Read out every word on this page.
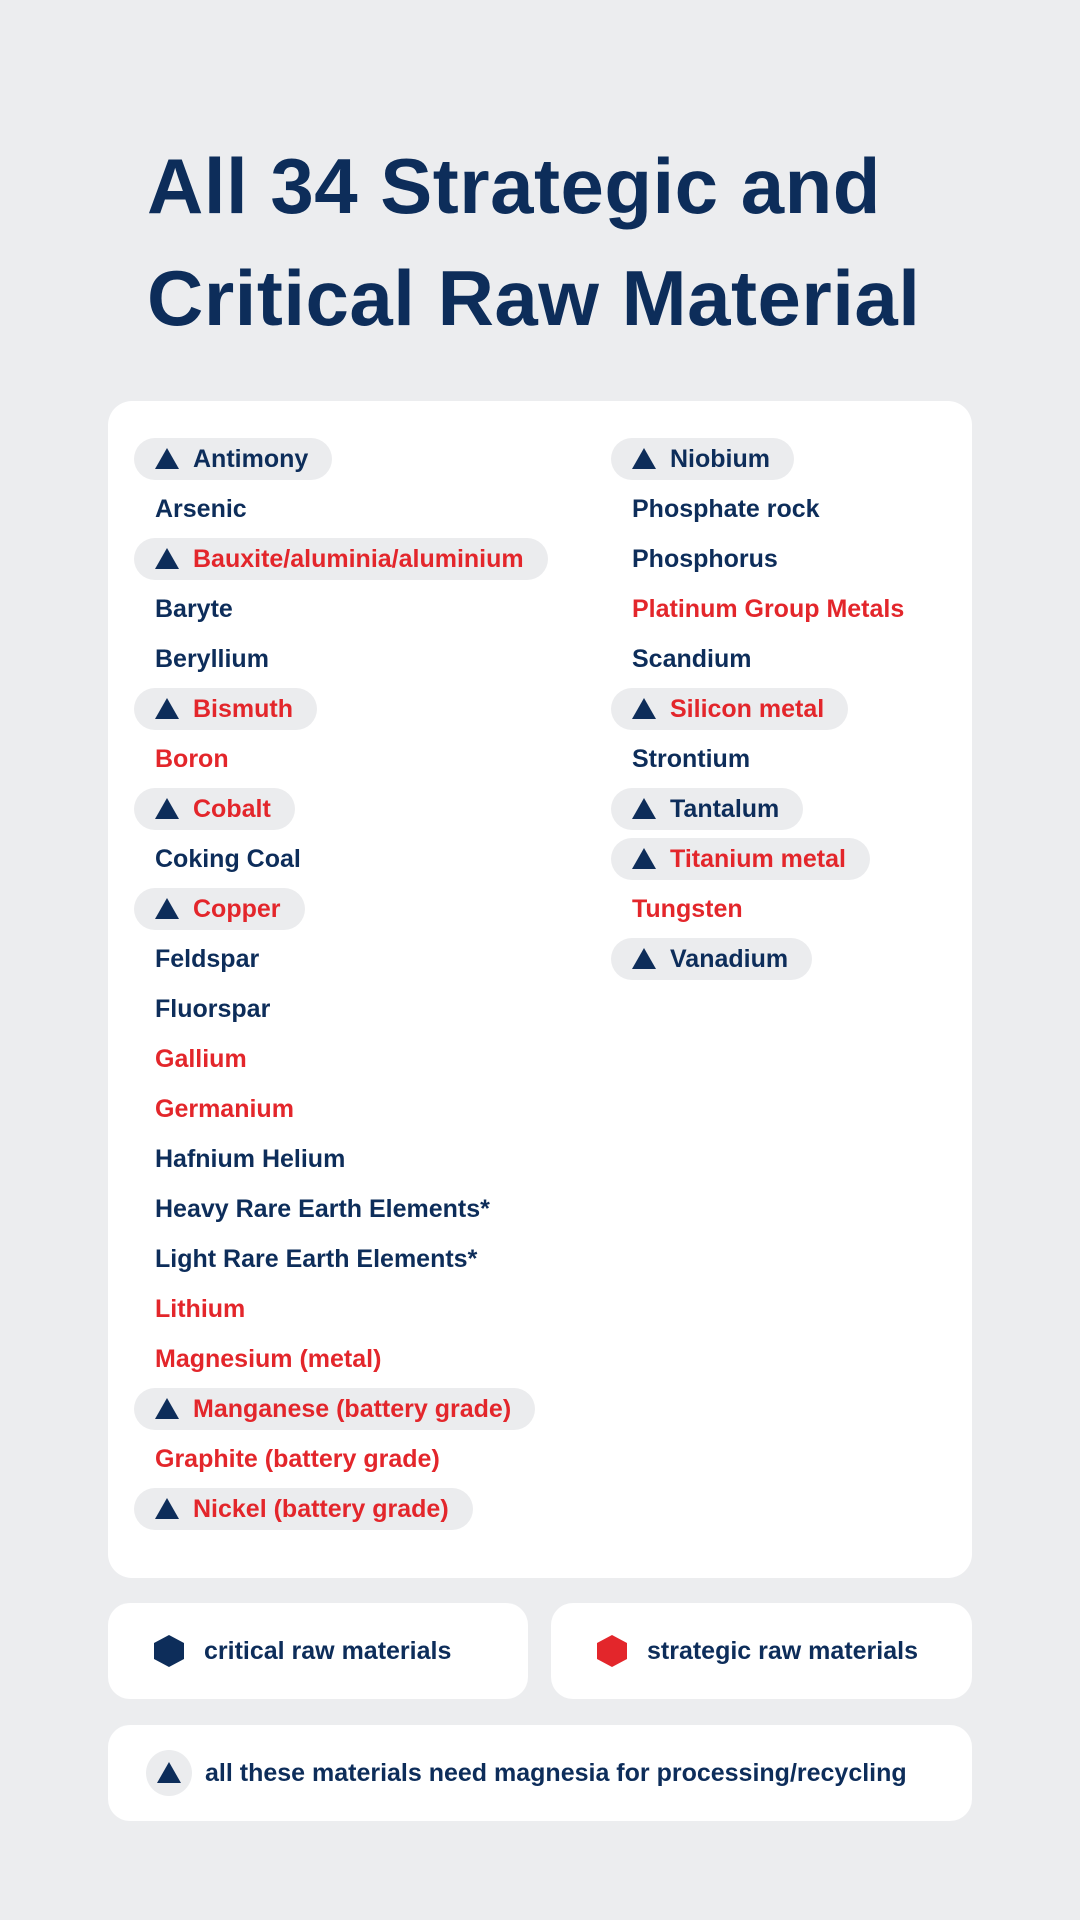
All 34 Strategic and Critical Raw Material
Antimony
Arsenic
Bauxite/aluminia/aluminium
Baryte
Beryllium
Bismuth
Boron
Cobalt
Coking Coal
Copper
Feldspar
Fluorspar
Gallium
Germanium
Hafnium Helium
Heavy Rare Earth Elements*
Light Rare Earth Elements*
Lithium
Magnesium (metal)
Manganese (battery grade)
Graphite (battery grade)
Nickel (battery grade)
Niobium
Phosphate rock
Phosphorus
Platinum Group Metals
Scandium
Silicon metal
Strontium
Tantalum
Titanium metal
Tungsten
Vanadium
critical raw materials	strategic raw materials
all these materials need magnesia for processing/recycling
